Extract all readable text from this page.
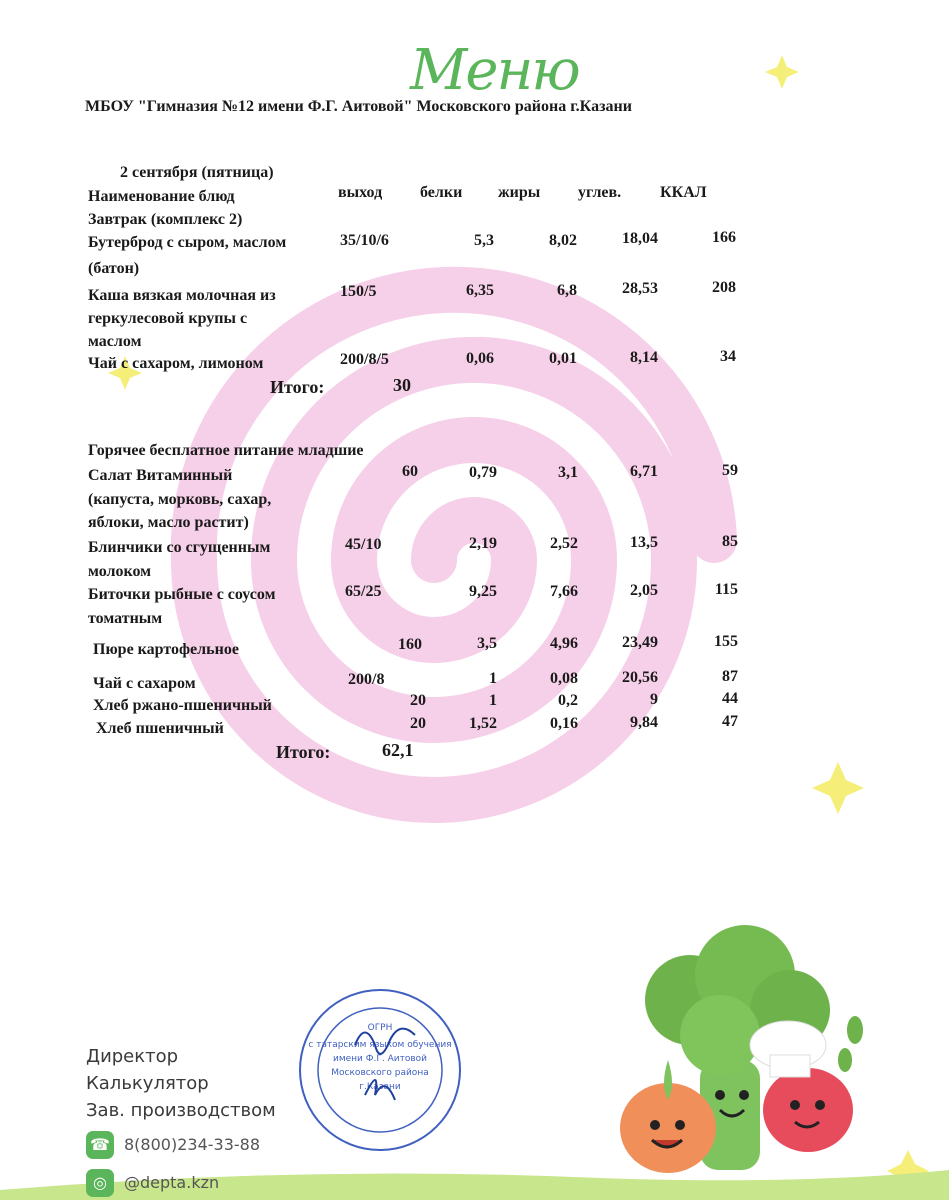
Меню
МБОУ "Гимназия №12 имени Ф.Г. Аитовой" Московского района г.Казани
2 сентября (пятница)
Наименование блюд	выход белки жиры углев. ККАЛ
Завтрак (комплекс 2)
Бутерброд с сыром, маслом
(батон)
35/10/6	5,3	8,02	18,04	166
Каша вязкая молочная из
геркулесовой крупы с
маслом
150/5	6,35	6,8	28,53	208
Чай с сахаром, лимоном	200/8/5	0,06	0,01	8,14	34
Итого:	30
Горячее бесплатное питание младшие
Салат Витаминный
(капуста, морковь, сахар,
яблоки, масло растит)
60	0,79	3,1	6,71	59
Блинчики со сгущенным
молоком
45/10	2,19	2,52	13,5	85
Биточки рыбные с соусом
томатным
65/25	9,25	7,66	2,05	115
Пюре картофельное	160	3,5	4,96	23,49	155
Чай с сахаром	200/8	1	0,08	20,56	87
Хлеб ржано-пшеничный	20	1	0,2	9	44
Хлеб пшеничный	20	1,52	0,16	9,84	47
Итого:	62,1
ОГРН
с татарским языком обучения
имени Ф.Г. Аитовой
Московского района
г.Казани
Директор
Калькулятор
Зав. производством
☎ 8(800)234-33-88
◎	@depta.kzn
